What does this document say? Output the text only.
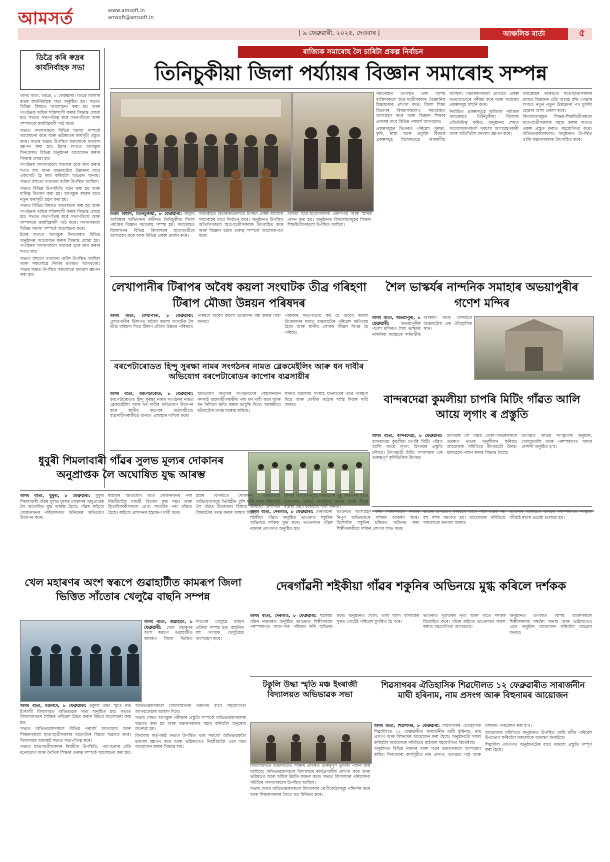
আমসৰ্ত	www.amsoft.in
amsoft@amsoft.in
| ৯ ফেব্ৰুৱাৰী, ২০২৫, দেওবাৰ |	আঞ্চলিক বাৰ্তা	৫
ডিব্ৰৈ কৰি ৰুদ্ৰৰ কাৰ্যনিৰ্বাহক সভা

অসম বাৰ্তা, ডিব্ৰৈ, ৮ ফেব্ৰুৱাৰী। ডিব্ৰৈ জিলাৰ ৰুদ্ৰৰ কাৰ্যনিৰ্বাহক সভা অনুষ্ঠিত হয়। সভাত বিভিন্ন বিষয়ত আলোচনা কৰা হয় আৰু সংগঠনক অধিক শক্তিশালী কৰাৰ সিদ্ধান্ত লোৱা হয়। সভাত সভাপতিত্ব কৰে সভাপতিয়ে আৰু সম্পাদকে কাৰ্যবিৱৰণী পাঠ কৰে।

সভাত সদস্যসকলে বিভিন্ন সমস্যা সম্পৰ্কে আলোচনা কৰে আৰু ভৱিষ্যতৰ কাৰ্যসূচী প্ৰস্তুত কৰে। সভাৰ অন্তত উপস্থিত সকলোকে ধন্যবাদ জ্ঞাপন কৰা হয়। ইয়াৰ লগতে আগন্তুক দিনবোৰত বিভিন্ন অনুষ্ঠানৰ আয়োজন কৰাৰ সিদ্ধান্ত লোৱা হয়।

সংগঠনৰ সদস্যসকলে সমাজৰ হকে কাম কৰাৰ শপত লয় আৰু অঞ্চলটোৰ উন্নয়নৰ বাবে একগোট হৈ কাম কৰিবলৈ আহ্বান জনায়। সভাত বহুতো গণ্যমান্য ব্যক্তি উপস্থিত আছিল।

সভাত বিভিন্ন উপসমিতি গঠন কৰা হয় আৰু দায়িত্ব বিতৰণ কৰা হয়। আগন্তুক বছৰৰ বাবে নতুন কাৰ্যসূচী গ্ৰহণ কৰা হয়।

সভাত বিভিন্ন বিষয়ত আলোচনা কৰা হয় আৰু সংগঠনক অধিক শক্তিশালী কৰাৰ সিদ্ধান্ত লোৱা হয়। সভাত সভাপতিত্ব কৰে সভাপতিয়ে আৰু সম্পাদকে কাৰ্যবিৱৰণী পাঠ কৰে। সদস্যসকলে বিভিন্ন সমস্যা সম্পৰ্কে আলোচনা কৰে।

ইয়াৰ লগতে আগন্তুক দিনবোৰত বিভিন্ন অনুষ্ঠানৰ আয়োজন কৰাৰ সিদ্ধান্ত লোৱা হয়। সংগঠনৰ সদস্যসকলে সমাজৰ হকে কাম কৰাৰ শপত লয়।

সভাত বহুতো গণ্যমান্য ব্যক্তি উপস্থিত আছিল আৰু সকলোৱে নিজৰ মতামত আগবঢ়ায়। সভাৰ অন্তত উপস্থিত সকলোকে ধন্যবাদ জ্ঞাপন কৰা হয়।

ৰাজ্যিক সমাৰোহ লৈ চাৰিটা প্ৰকল্প নিৰ্বাচন
তিনিচুকীয়া জিলা পৰ্য্যায়ৰ বিজ্ঞান সমাৰোহ সম্পন্ন

উত্তম বিশ্বাস, তিনিচুকীয়া, ৮ ফেব্ৰুৱাৰী: ৰাষ্ট্ৰীয় আবিষ্কাৰ অভিযানৰ অধীনত তিনিচুকীয়া জিলা পৰ্য্যায়ৰ বিজ্ঞান সমাৰোহ সম্পন্ন হয়। সমাৰোহত জিলাখনৰ বিভিন্ন বিদ্যালয়ৰ ছাত্ৰ-ছাত্ৰীয়ে অংশগ্ৰহণ কৰে আৰু বিভিন্ন প্ৰকল্প প্ৰদৰ্শন কৰে।

সমাৰোহত বিচাৰকমণ্ডলীয়ে চাৰিটা প্ৰকল্প ৰাজ্যিক সমাৰোহৰ বাবে নিৰ্বাচন কৰে। অনুষ্ঠানত উপস্থিত অতিথিসকলে ছাত্ৰ-ছাত্ৰীসকলক উৎসাহিত কৰে আৰু বিজ্ঞান চৰ্চাৰ গুৰুত্ব সম্পৰ্কে আলোকপাত কৰে।

বিজয়ী ছাত্ৰ-ছাত্ৰীসকলক প্ৰমাণপত্ৰ আৰু স্মাৰক প্ৰদান কৰা হয়। অনুষ্ঠানত বিদ্যালয়সমূহৰ শিক্ষক-শিক্ষয়িত্ৰীসকলো উপস্থিত আছিল।

সমাৰোহত উপস্থিত থকা বিশিষ্ট ব্যক্তিসকলে ছাত্ৰ-ছাত্ৰীসকলৰ বৈজ্ঞানিক চিন্তাধাৰাৰ প্ৰশংসা কৰে। জিলা শিক্ষা বিভাগৰ বিষয়াসকলেও সমাৰোহত অংশগ্ৰহণ কৰে আৰু বিজ্ঞান শিক্ষাৰ প্ৰসাৰৰ বাবে বিভিন্ন পৰামৰ্শ আগবঢ়ায়।

প্ৰকল্পসমূহৰ ভিতৰত পৰিৱেশ সুৰক্ষা, কৃষি, স্বাস্থ্য আৰু প্ৰযুক্তি বিষয়ক প্ৰকল্পসমূহ বিশেষভাৱে আকৰ্ষণীয় আছিল। বিচাৰকসকলে প্ৰতিটো প্ৰকল্প মনোযোগেৰে পৰীক্ষা কৰে আৰু সৰ্বোত্তম প্ৰকল্পসমূহ বাছনি কৰে।

নিৰ্বাচিত প্ৰকল্পসমূহে ৰাজ্যিক পৰ্য্যায়ৰ সমাৰোহত তিনিচুকীয়া জিলাক প্ৰতিনিধিত্ব কৰিব। অনুষ্ঠানৰ শেষত আয়োজকসকলে সকলো অংশগ্ৰহণকাৰী আৰু অতিথিলৈ ধন্যবাদ জ্ঞাপন কৰে।

সমাৰোহৰ জৰিয়তে ছাত্ৰ-ছাত্ৰীসকলৰ মাজত বিজ্ঞানৰ প্ৰতি আগ্ৰহ বৃদ্ধি পোৱাৰ লগতে নতুন নতুন উদ্ভাৱনৰ পথ মুকলি হোৱাৰ আশা প্ৰকাশ কৰে।

বিদ্যালয়সমূহৰ শিক্ষক-শিক্ষয়িত্ৰীসকলে ছাত্ৰ-ছাত্ৰীসকলক সহায় কৰাৰ লগতে প্ৰকল্প প্ৰস্তুত কৰাত সহযোগিতা কৰে। অভিভাৱকসকলেও অনুষ্ঠানত উপস্থিত থাকি সন্তানসকলক উৎসাহিত কৰে।

লেখাপানীৰ টিৰাপৰ অবৈধ কয়লা সংঘাটক তীব্ৰ গৰিহণা টিৰাপ মৌজা উন্নয়ন পৰিষদৰ

অসম বাৰ্তা, লেখাপানী, ৮ ফেব্ৰুৱাৰী: লেখাপানীৰ টিৰাপত অবৈধ কয়লা সংঘাটক লৈ তীব্ৰ গৰিহণা দিয়ে টিৰাপ মৌজা উন্নয়ন পৰিষদে। পৰিষদে অবৈধ কয়লা উত্তোলন বন্ধ কৰাৰ দাবী জনায়।

পৰিষদৰ সভাপতিয়ে কয় যে অবৈধ কয়লা উত্তোলনৰ ফলত অঞ্চলটোৰ পৰিৱেশ ক্ষতিগ্ৰস্ত হৈছে আৰু স্থানীয় লোকৰ জীৱন বিপন্ন হৈ পৰিছে।

বৰপেটাৰোডত হিন্দু সুৰক্ষা নামৰ সংগঠনৰ নামত ব্লেকমেইলিং আৰু ধন দাবীৰ অভিযোগ বৰপেটাৰোডৰ কাপোৰ ব্যৱসায়ীৰ

অসম বাৰ্তা, বৰপেটাৰোড, ৮ ফেব্ৰুৱাৰী: বৰপেটাৰোডত হিন্দু সুৰক্ষা নামৰ সংগঠনৰ নামত ব্লেকমেইলিং আৰু ধন দাবীৰ অভিযোগ উত্থাপন কৰে স্থানীয় কাপোৰ ব্যৱসায়ীয়ে। ব্যৱসায়ীগৰাকীয়ে থানাত এজাহাৰ দাখিল কৰে।

অভিযোগ অনুসৰি সংগঠনটোৰ কেইজনমান সদস্যই ব্যৱসায়ীগৰাকীৰ পৰা ধন দাবী কৰে আৰু ধন নিদিলে ক্ষতি কৰাৰ ভাবুকি দিয়ে। আৰক্ষীয়ে ঘটনাটোৰ তদন্ত আৰম্ভ কৰিছে।

স্থানীয় ব্যৱসায়ী সংস্থাই ঘটনাটোৰ তীব্ৰ গৰিহণা দিয়ে আৰু দোষীক কঠোৰ শাস্তি দিয়াৰ দাবী জনায়।

শৈল ভাস্কৰ্যৰ নান্দনিক সমাহাৰ অভয়াপুৰীৰ গণেশ মন্দিৰ

অসম বাৰ্তা, অভয়াপুৰী, ৮ ফেব্ৰুৱাৰী: অভয়াপুৰীৰ গণেশ মন্দিৰত শৈল ভাস্কৰ্যৰ নান্দনিক সমাহাৰে দৰ্শনাৰ্থীক আকৰ্ষণ কৰে। মন্দিৰটো অঞ্চলটোৰ এক ঐতিহাসিক স্থান।

বান্দৰদেৱা কুমলীয়া চাপৰি মিটিং গাঁৱত আলি আয়ে লৃগাং ৰ প্ৰস্তুতি

অসম বাৰ্তা, বান্দৰদেৱা, ৮ ফেব্ৰুৱাৰী: বান্দৰদেৱা কুমলীয়া চাপৰি মিটিং গাঁৱত আলি আয়ে লৃগাং উৎসৱৰ প্ৰস্তুতি চলিছে। উৎসৱটো মিচিং সম্প্ৰদায়ৰ এক গুৰুত্বপূৰ্ণ কৃষিভিত্তিক উৎসৱ।

উৎসৱক লৈ গাঁৱৰ ডেকা-গাভৰুসকলে গুমৰাগ নৃত্যৰ অনুশীলন কৰিছে। আয়োজক সমিতিয়ে উৎসৱটো উলহ-মালহেৰে পালন কৰাৰ সিদ্ধান্ত লৈছে।

উৎসৱত বিভিন্ন সাংস্কৃতিক অনুষ্ঠান, খেলধেমালি আৰু পৰম্পৰাগত খাদ্যৰ প্ৰদৰ্শনী অনুষ্ঠিত হ'ব।

ধুবুৰী শিমলাবাৰী গাঁৱৰ সুলভ মূল্যৰ দোকানৰ অনুপ্ৰাপ্তক লৈ অঘোষিত যুদ্ধ আৰম্ভ

অসম বাৰ্তা, ধুবুৰী, ৮ ফেব্ৰুৱাৰী: ধুবুৰী শিমলাবাৰী গাঁৱৰ সুলভ মূল্যৰ দোকানৰ অনুপ্ৰাপ্তক লৈ অঘোষিত যুদ্ধ আৰম্ভ হৈছে। গাঁৱৰ ৰাইজে দোকানখনৰ পৰিচালনাত অনিয়মৰ অভিযোগ উত্থাপন কৰে।

ৰাইজৰ অভিযোগ মতে দোকানখনৰ পৰা নিয়মীয়াকৈ সামগ্ৰী বিতৰণ কৰা নহয় আৰু হিতাধিকাৰীসকলে প্ৰাপ্য সামগ্ৰীৰ পৰা বঞ্চিত হৈছে। ৰাইজে প্ৰশাসনৰ হস্তক্ষেপ দাবী কৰে।

ইয়াৰ বিপৰীতে দোকানৰ পৰিচালকে অভিযোগসমূহ ভিত্তিহীন বুলি দাবী কৰে। বিষয়টো লৈ গাঁৱত উত্তেজনা বিৰাজ কৰিছে। প্ৰশাসনে বিষয়টোৰ তদন্ত কৰাৰ আশ্বাস দিয়ে।

স্থানীয় সংগঠনসমূহে বিষয়টোৰ সুষ্ঠু সমাধানৰ বাবে প্ৰশাসনৰ ওচৰত আবেদন জনায় আৰু শীঘ্ৰে ব্যৱস্থা গ্ৰহণ কৰিবলৈ দাবী জনায়।

দেৰগাঁৱনী শইকীয়া গাঁৱৰ শকুনিৰ অভিনয়ে মুগ্ধ কৰিলে দৰ্শকক

অসম বাৰ্তা, দেৰগাঁও, ৮ ফেব্ৰুৱাৰী: দেৰগাঁৱনী শইকীয়া গাঁৱত অনুষ্ঠিত ভাওনাত শকুনিৰ অভিনয়ে দৰ্শকক মুগ্ধ কৰে। ভাওনাখন গাঁৱৰ নামঘৰ প্ৰাংগণত অনুষ্ঠিত হয়।

ভাওনাত অংশগ্ৰহণ কৰা শিল্পীসকলে নিজৰ নিপুণ অভিনয়েৰে দৰ্শকক আকৰ্ষণ কৰে। বিশেষকৈ শকুনিৰ চৰিত্ৰত অভিনয় কৰা শিল্পীগৰাকীয়ে দৰ্শকৰ প্ৰশংসা লাভ কৰে।

ভাওনা উপভোগ কৰিবলৈ আশে-পাশে গাঁৱৰ পৰা বহু দৰ্শক সমবেত হয়। আয়োজক সমিতিয়ে সকলোকে ধন্যবাদ জনায়।

ভাওনাৰ জৰিয়তে অসমৰ পৰম্পৰাগত সংস্কৃতি জীয়াই ৰখাৰ প্ৰচেষ্টা চলোৱা হয়।

অসম বাৰ্তা, দেৰগাঁও, ৮ ফেব্ৰুৱাৰী: শইকীয়া গাঁৱৰ নামঘৰত অনুষ্ঠিত ভাওনাত শিল্পীসকলে পৰম্পৰাগত সাজ-পাৰ পৰিধান কৰি অভিনয় কৰে। অনুষ্ঠানত খোল, তাল আদি বাদ্যযন্ত্ৰৰ সুৰত গোটেই পৰিৱেশ মুখৰিত হৈ পৰে।

ভাওনাত সূত্ৰধাৰৰ নৃত্য আৰু গীতে দৰ্শকক বিমোহিত কৰে। গাঁৱৰ ৰাইজে ভাওনাখন সফল কৰাত সহযোগিতা আগবঢ়ায়।

অনুষ্ঠানত উপস্থিত বিশিষ্ট ব্যক্তিসকলে শিল্পীসকলক সম্বৰ্ধনা জনায় আৰু ভৱিষ্যতেও এনে অনুষ্ঠান আয়োজন কৰিবলৈ আহ্বান জনায়।

খেল মহাৰণৰ অংশ স্বৰূপে গুৱাহাটীত কামৰূপ জিলা ভিত্তিত সাঁতোৰ খেলুৱৈ বাছনি সম্পন্ন

অসম বাৰ্তা, গুৱাহাটী, ৮ ফেব্ৰুৱাৰী: খেল মহাৰণৰ অংশ স্বৰূপে গুৱাহাটীত কামৰূপ জিলা ভিত্তিত সাঁতোৰ খেলুৱৈ বাছনি প্ৰক্ৰিয়া সম্পন্ন হয়। বাছনিত বহু সংখ্যক খেলুৱৈয়ে অংশগ্ৰহণ কৰে।

টকুলি উদ্ধা স্মৃতি মঞ্চ ইংৰাজী বিদ্যালয়ত অভিভাৱক সভা

অসম বাৰ্তা, মঙলদৈ, ৮ ফেব্ৰুৱাৰী: টকুলি উদ্ধা স্মৃতি মঞ্চ ইংৰাজী বিদ্যালয়ত অভিভাৱক সভা অনুষ্ঠিত হয়। সভাত বিদ্যালয়খনৰ শৈক্ষিক পৰিৱেশ উন্নত কৰাৰ বিষয়ে আলোচনা কৰা হয়।

সভাত অভিভাৱকসকলে বিভিন্ন পৰামৰ্শ আগবঢ়ায় আৰু শিক্ষকসকলে ছাত্ৰ-ছাত্ৰীসকলৰ অগ্ৰগতিৰ বিষয়ে অৱগত কৰে। বিদ্যালয়ৰ অধ্যক্ষই সভাত সভাপতিত্ব কৰে।

সভাত ছাত্ৰ-ছাত্ৰীসকলৰ নিয়মীয়া উপস্থিতি, পঢ়া-শুনাৰ প্ৰতি মনোযোগ আৰু নৈতিক শিক্ষাৰ গুৰুত্ব সম্পৰ্কে আলোচনা কৰা হয়। অভিভাৱকসকলে বিদ্যালয়খনৰ উন্নতিৰ বাবে সহযোগিতা আগবঢ়োৱাৰ আশ্বাস দিয়ে।

সভাৰ শেষত আগন্তুক পৰীক্ষাৰ প্ৰস্তুতি সম্পৰ্কে অভিভাৱকসকলক অৱগত কৰা হয় আৰু সন্তানসকলক সহায় কৰিবলৈ অনুৰোধ জনোৱা হয়।

বিদ্যালয় কৰ্তৃপক্ষই সভাত উপস্থিত থকা সকলো অভিভাৱকলৈ ধন্যবাদ জ্ঞাপন কৰে আৰু ভৱিষ্যতেও নিয়মীয়াকৈ এনে সভা আয়োজন কৰাৰ সিদ্ধান্ত লয়।

বিদ্যালয়খনে অঞ্চলটোত শিক্ষাৰ প্ৰসাৰত গুৰুত্বপূৰ্ণ ভূমিকা পালন কৰি আহিছে। অভিভাৱকসকলে বিদ্যালয়ৰ কাৰ্যপ্ৰণালীৰ প্ৰশংসা কৰে আৰু ভৱিষ্যতে আৰু অধিক উন্নতি কামনা কৰে। সভাত বিদ্যালয়ৰ পৰিচালনা সমিতিৰ সদস্যসকলো উপস্থিত আছিল।

সভাৰ শেষত অভিভাৱকসকলে বিদ্যালয়ৰ শ্ৰেণীকোঠাসমূহ পৰিদৰ্শন কৰে আৰু শিক্ষকসকলৰ সৈতে মত বিনিময় কৰে।

শিৱসাগৰৰ ঐতিহাসিক শিৱদৌলত ১২ ফেব্ৰুৱাৰীত সাৰাৰ্জনীন মাঘী হৰিনাম, নাম প্ৰসংগ আৰু বিহুনামৰ আয়োজন

অসম বাৰ্তা, শিৱসাগৰ, ৮ ফেব্ৰুৱাৰী: শিৱসাগৰৰ ঐতিহাসিক শিৱদৌলত ১২ ফেব্ৰুৱাৰীত সাৰাৰ্জনীন মাঘী হৰিনাম, নাম প্ৰসংগ আৰু বিহুনামৰ আয়োজন কৰা হৈছে। অনুষ্ঠানটো সফল কৰিবলৈ আয়োজক সমিতিয়ে ৰাইজৰ সহযোগিতা বিচাৰিছে।

অনুষ্ঠানত বিভিন্ন নামঘৰ আৰু সত্ৰৰ ভকতসকলে অংশগ্ৰহণ কৰিব। দিনজোৰা কাৰ্যসূচীত নাম প্ৰসংগ, ভাগৱত পাঠ আৰু বিহুনাম পৰিৱেশন কৰা হ'ব।

আয়োজক সমিতিয়ে অনুষ্ঠানত উপস্থিত থাকি ধৰ্মীয় পৰিৱেশ উপভোগ কৰিবলৈ সকলোকে আমন্ত্ৰণ জনাইছে।

শিৱদৌল প্ৰাংগণত অনুষ্ঠানটোৰ বাবে সকলো প্ৰস্তুতি সম্পূৰ্ণ কৰা হৈছে।
